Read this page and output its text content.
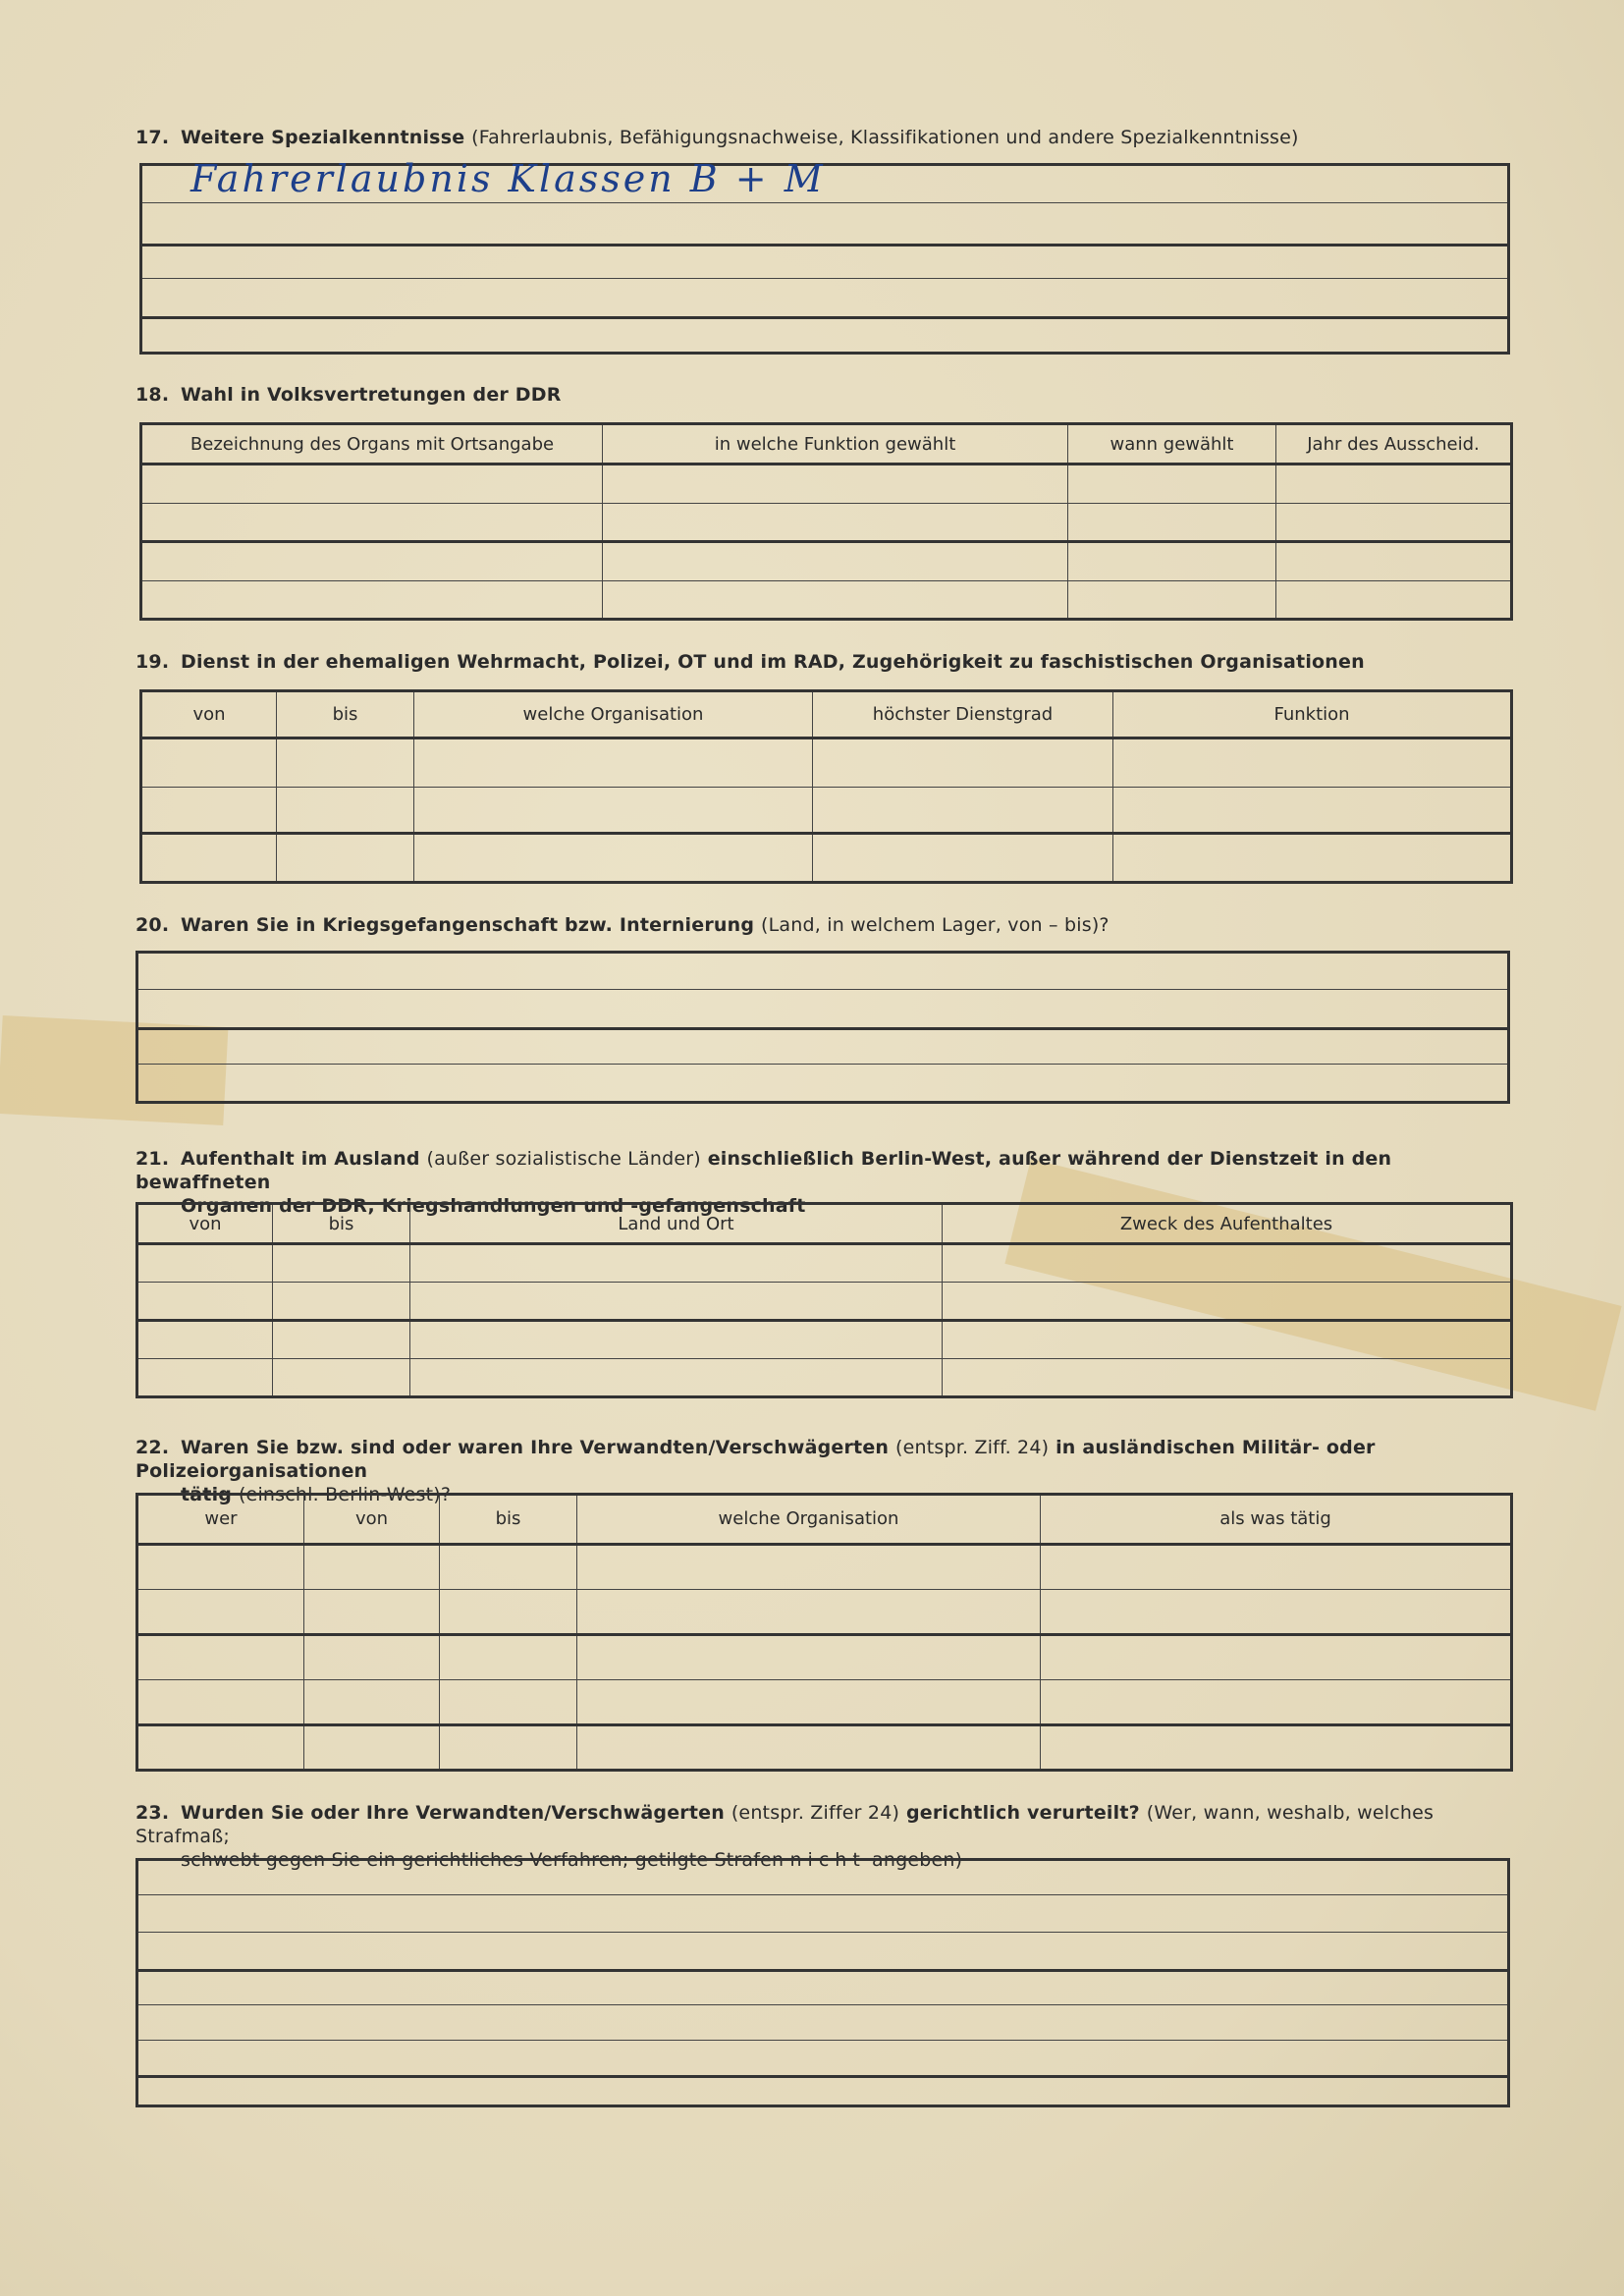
17. Weitere Spezialkenntnisse (Fahrerlaubnis, Befähigungsnachweise, Klassifikationen und andere Spezialkenntnisse)
Fahrerlaubnis Klassen B + M
18. Wahl in Volksvertretungen der DDR
Bezeichnung des Organs mit Ortsangabe	in welche Funktion gewählt	wann gewählt	Jahr des Ausscheid.

19. Dienst in der ehemaligen Wehrmacht, Polizei, OT und im RAD, Zugehörigkeit zu faschistischen Organisationen
von	bis	welche Organisation	höchster Dienstgrad	Funktion

20. Waren Sie in Kriegsgefangenschaft bzw. Internierung (Land, in welchem Lager, von – bis)?
21. Aufenthalt im Ausland (außer sozialistische Länder) einschließlich Berlin-West, außer während der Dienstzeit in den bewaffneten
Organen der DDR, Kriegshandlungen und -gefangenschaft
von	bis	Land und Ort	Zweck des Aufenthaltes

22. Waren Sie bzw. sind oder waren Ihre Verwandten/Verschwägerten (entspr. Ziff. 24) in ausländischen Militär- oder Polizeiorganisationen
tätig (einschl. Berlin-West)?
wer	von	bis	welche Organisation	als was tätig

23. Wurden Sie oder Ihre Verwandten/Verschwägerten (entspr. Ziffer 24) gerichtlich verurteilt? (Wer, wann, weshalb, welches Strafmaß;
schwebt gegen Sie ein gerichtliches Verfahren; getilgte Strafen nicht angeben)
